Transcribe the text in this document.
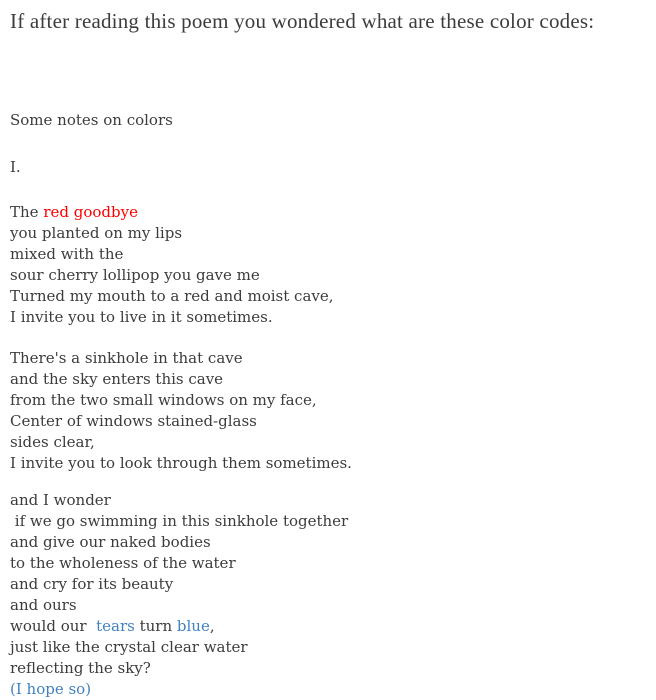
If after reading this poem you wondered what are these color codes:

Some notes on colors

I.

The red goodbye
you planted on my lips
mixed with the
sour cherry lollipop you gave me
Turned my mouth to a red and moist cave,
I invite you to live in it sometimes.

There's a sinkhole in that cave
and the sky enters this cave
from the two small windows on my face,
Center of windows stained-glass
sides clear,
I invite you to look through them sometimes.

and I wonder
if we go swimming in this sinkhole together
and give our naked bodies
to the wholeness of the water
and cry for its beauty
and ours
would our  tears turn blue,
just like the crystal clear water
reflecting the sky?
(I hope so)
